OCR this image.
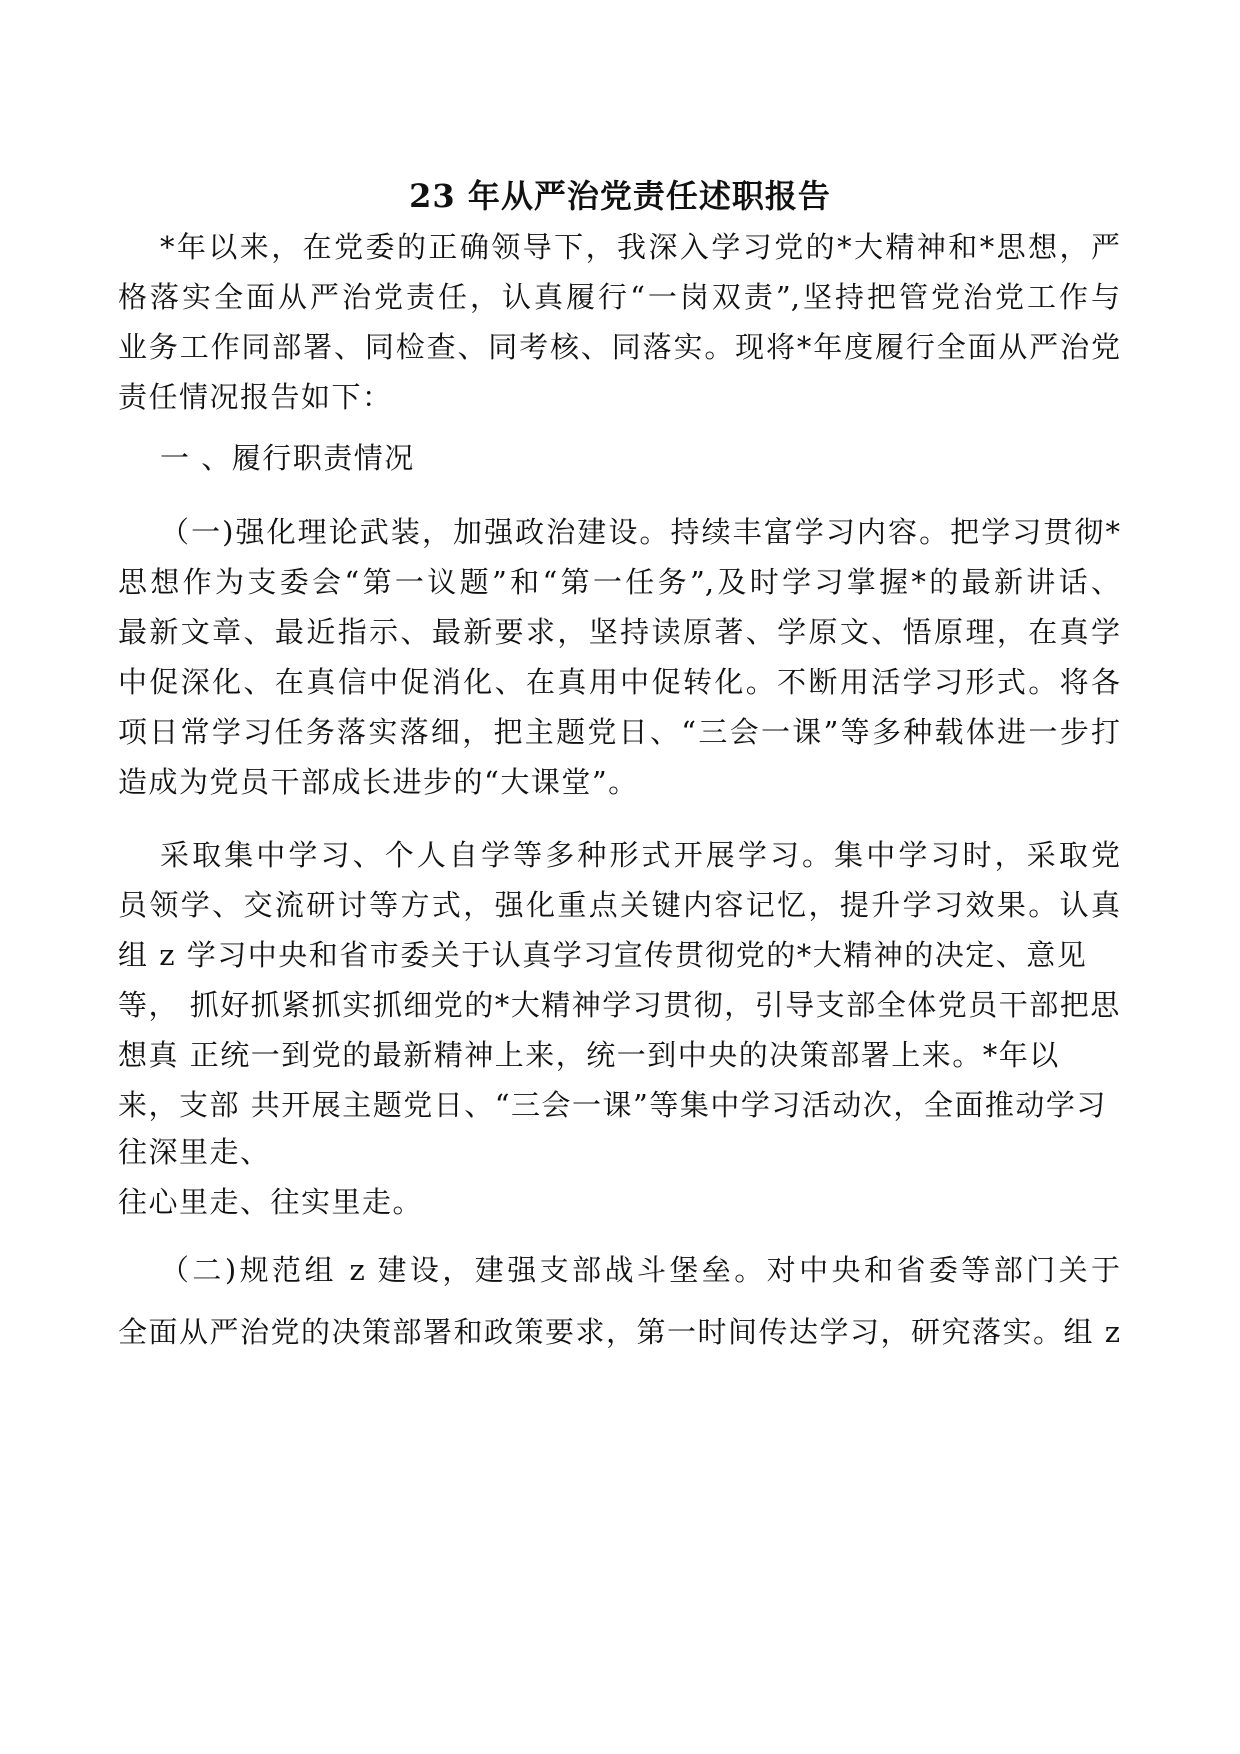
23 年从严治党责任述职报告
*年以来，在党委的正确领导下，我深入学习党的*大精神和*思想，严
格落实全面从严治党责任，认真履行“一岗双责”,坚持把管党治党工作与
业务工作同部署、同检查、同考核、同落实。现将*年度履行全面从严治党
责任情况报告如下：
一 、履行职责情况
（一)强化理论武装，加强政治建设。持续丰富学习内容。把学习贯彻*
思想作为支委会“第一议题”和“第一任务”,及时学习掌握*的最新讲话、
最新文章、最近指示、最新要求，坚持读原著、学原文、悟原理，在真学
中促深化、在真信中促消化、在真用中促转化。不断用活学习形式。将各
项日常学习任务落实落细，把主题党日、“三会一课”等多种载体进一步打
造成为党员干部成长进步的“大课堂”。
采取集中学习、个人自学等多种形式开展学习。集中学习时，采取党
员领学、交流研讨等方式，强化重点关键内容记忆，提升学习效果。认真
组 z 学习中央和省市委关于认真学习宣传贯彻党的*大精神的决定、意见
等， 抓好抓紧抓实抓细党的*大精神学习贯彻，引导支部全体党员干部把思
想真 正统一到党的最新精神上来，统一到中央的决策部署上来。*年以
来，支部 共开展主题党日、“三会一课”等集中学习活动次，全面推动学习
往深里走、
往心里走、往实里走。
（二)规范组 z 建设，建强支部战斗堡垒。对中央和省委等部门关于
全面从严治党的决策部署和政策要求，第一时间传达学习，研究落实。组 z
